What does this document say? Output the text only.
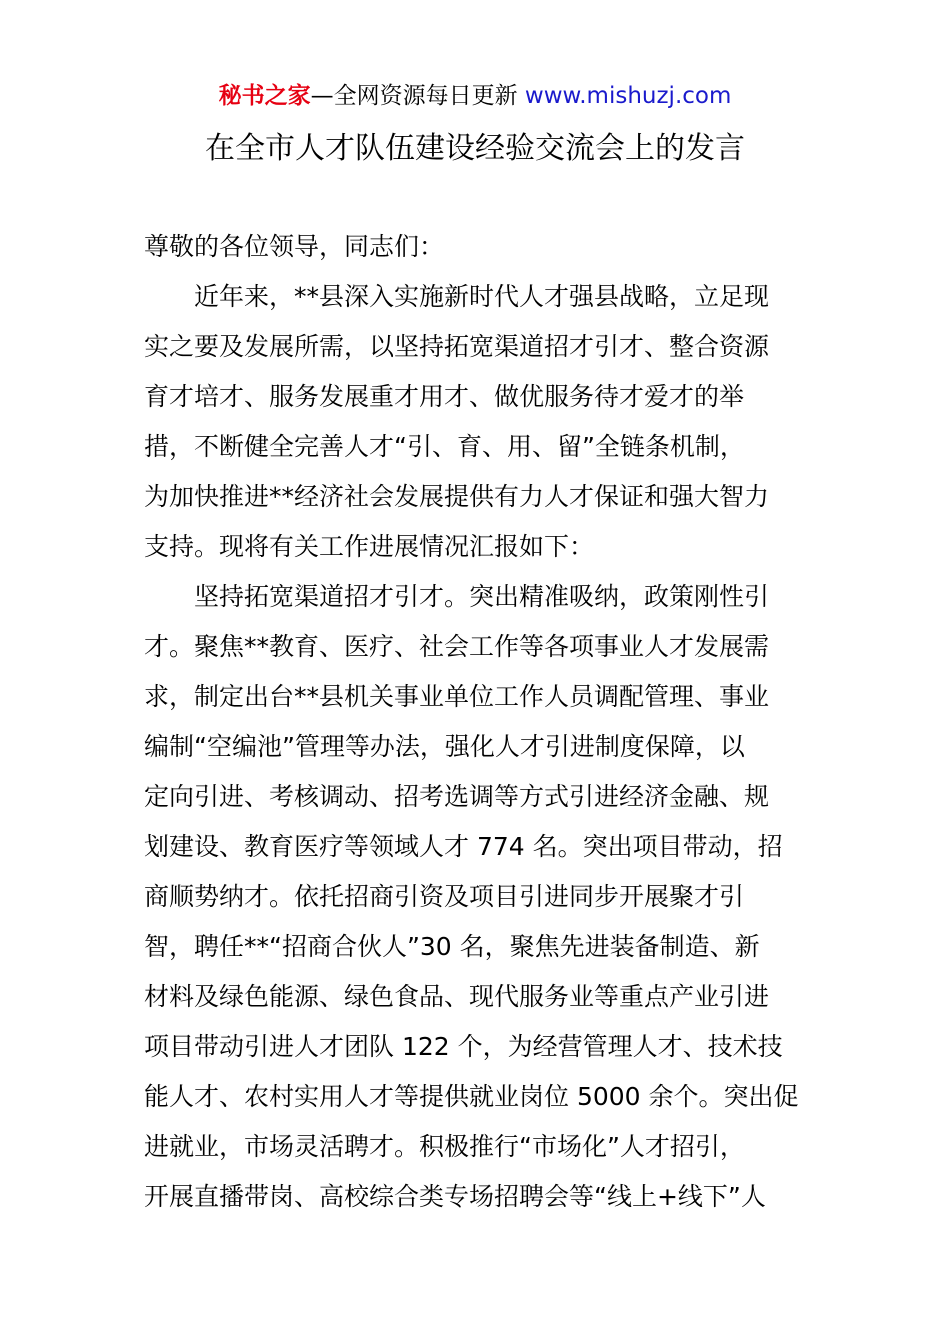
秘书之家—全网资源每日更新 www.mishuzj.com
在全市人才队伍建设经验交流会上的发言
尊敬的各位领导，同志们：
近年来，**县深入实施新时代人才强县战略，立足现
实之要及发展所需，以坚持拓宽渠道招才引才、整合资源
育才培才、服务发展重才用才、做优服务待才爱才的举
措，不断健全完善人才“引、育、用、留”全链条机制，
为加快推进**经济社会发展提供有力人才保证和强大智力
支持。现将有关工作进展情况汇报如下：
坚持拓宽渠道招才引才。突出精准吸纳，政策刚性引
才。聚焦**教育、医疗、社会工作等各项事业人才发展需
求，制定出台**县机关事业单位工作人员调配管理、事业
编制“空编池”管理等办法，强化人才引进制度保障，以
定向引进、考核调动、招考选调等方式引进经济金融、规
划建设、教育医疗等领域人才 774 名。突出项目带动，招
商顺势纳才。依托招商引资及项目引进同步开展聚才引
智，聘任**“招商合伙人”30 名，聚焦先进装备制造、新
材料及绿色能源、绿色食品、现代服务业等重点产业引进
项目带动引进人才团队 122 个，为经营管理人才、技术技
能人才、农村实用人才等提供就业岗位 5000 余个。突出促
进就业，市场灵活聘才。积极推行“市场化”人才招引，
开展直播带岗、高校综合类专场招聘会等“线上+线下”人
